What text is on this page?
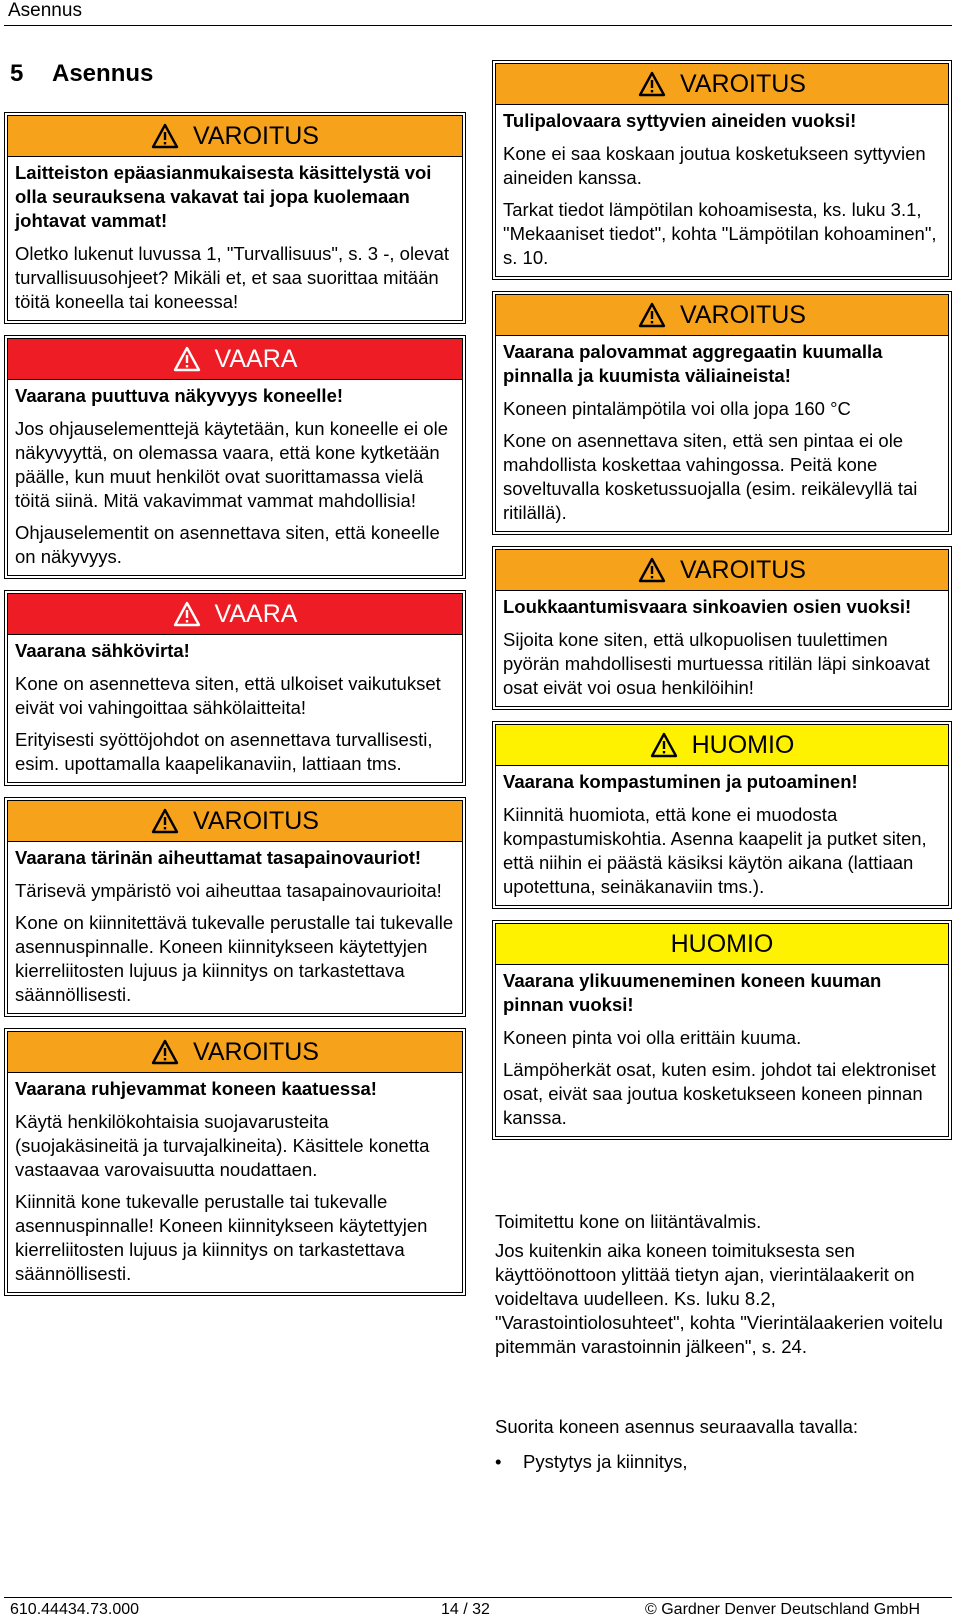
Asennus
5 Asennus
VAROITUS
Laitteiston epäasianmukaisesta käsittelystä voi olla seurauksena vakavat tai jopa kuolemaan johtavat vammat!

Oletko lukenut luvussa 1, "Turvallisuus", s. 3 -, olevat turvallisuusohjeet? Mikäli et, et saa suorittaa mitään töitä koneella tai koneessa!

VAARA
Vaarana puuttuva näkyvyys koneelle!

Jos ohjauselementtejä käytetään, kun koneelle ei ole näkyvyyttä, on olemassa vaara, että kone kytketään päälle, kun muut henkilöt ovat suorittamassa vielä töitä siinä. Mitä vakavimmat vammat mahdollisia!

Ohjauselementit on asennettava siten, että koneelle on näkyvyys.

VAARA
Vaarana sähkövirta!

Kone on asennetteva siten, että ulkoiset vaikutukset eivät voi vahingoittaa sähkölaitteita!

Erityisesti syöttöjohdot on asennettava turvallisesti, esim. upottamalla kaapelikanaviin, lattiaan tms.

VAROITUS
Vaarana tärinän aiheuttamat tasapainovauriot!

Tärisevä ympäristö voi aiheuttaa tasapainovaurioita!

Kone on kiinnitettävä tukevalle perustalle tai tukevalle asennuspinnalle. Koneen kiinnitykseen käytettyjen kierreliitosten lujuus ja kiinnitys on tarkastettava säännöllisesti.

VAROITUS
Vaarana ruhjevammat koneen kaatuessa!

Käytä henkilökohtaisia suojavarusteita (suojakäsineitä ja turvajalkineita). Käsittele konetta vastaavaa varovaisuutta noudattaen.

Kiinnitä kone tukevalle perustalle tai tukevalle asennuspinnalle! Koneen kiinnitykseen käytettyjen kierreliitosten lujuus ja kiinnitys on tarkastettava säännöllisesti.

VAROITUS
Tulipalovaara syttyvien aineiden vuoksi!

Kone ei saa koskaan joutua kosketukseen syttyvien aineiden kanssa.

Tarkat tiedot lämpötilan kohoamisesta, ks. luku 3.1, "Mekaaniset tiedot", kohta "Lämpötilan kohoaminen", s. 10.

VAROITUS
Vaarana palovammat aggregaatin kuumalla pinnalla ja kuumista väliaineista!

Koneen pintalämpötila voi olla jopa 160 °C

Kone on asennettava siten, että sen pintaa ei ole mahdollista koskettaa vahingossa. Peitä kone soveltuvalla kosketussuojalla (esim. reikälevyllä tai ritilällä).

VAROITUS
Loukkaantumisvaara sinkoavien osien vuoksi!

Sijoita kone siten, että ulkopuolisen tuulettimen pyörän mahdollisesti murtuessa ritilän läpi sinkoavat osat eivät voi osua henkilöihin!

HUOMIO
Vaarana kompastuminen ja putoaminen!

Kiinnitä huomiota, että kone ei muodosta kompastumiskohtia. Asenna kaapelit ja putket siten, että niihin ei päästä käsiksi käytön aikana (lattiaan upotettuna, seinäkanaviin tms.).

HUOMIO
Vaarana ylikuumeneminen koneen kuuman pinnan vuoksi!

Koneen pinta voi olla erittäin kuuma.

Lämpöherkät osat, kuten esim. johdot tai elektroniset osat, eivät saa joutua kosketukseen koneen pinnan kanssa.

Toimitettu kone on liitäntävalmis.
Jos kuitenkin aika koneen toimituksesta sen käyttöönottoon ylittää tietyn ajan, vierintälaakerit on voideltava uudelleen. Ks. luku 8.2, "Varastointiolosuhteet", kohta "Vierintälaakerien voitelu pitemmän varastoinnin jälkeen", s. 24.
Suorita koneen asennus seuraavalla tavalla:
•	Pystytys ja kiinnitys,
610.44434.73.000	14 / 32	© Gardner Denver Deutschland GmbH
